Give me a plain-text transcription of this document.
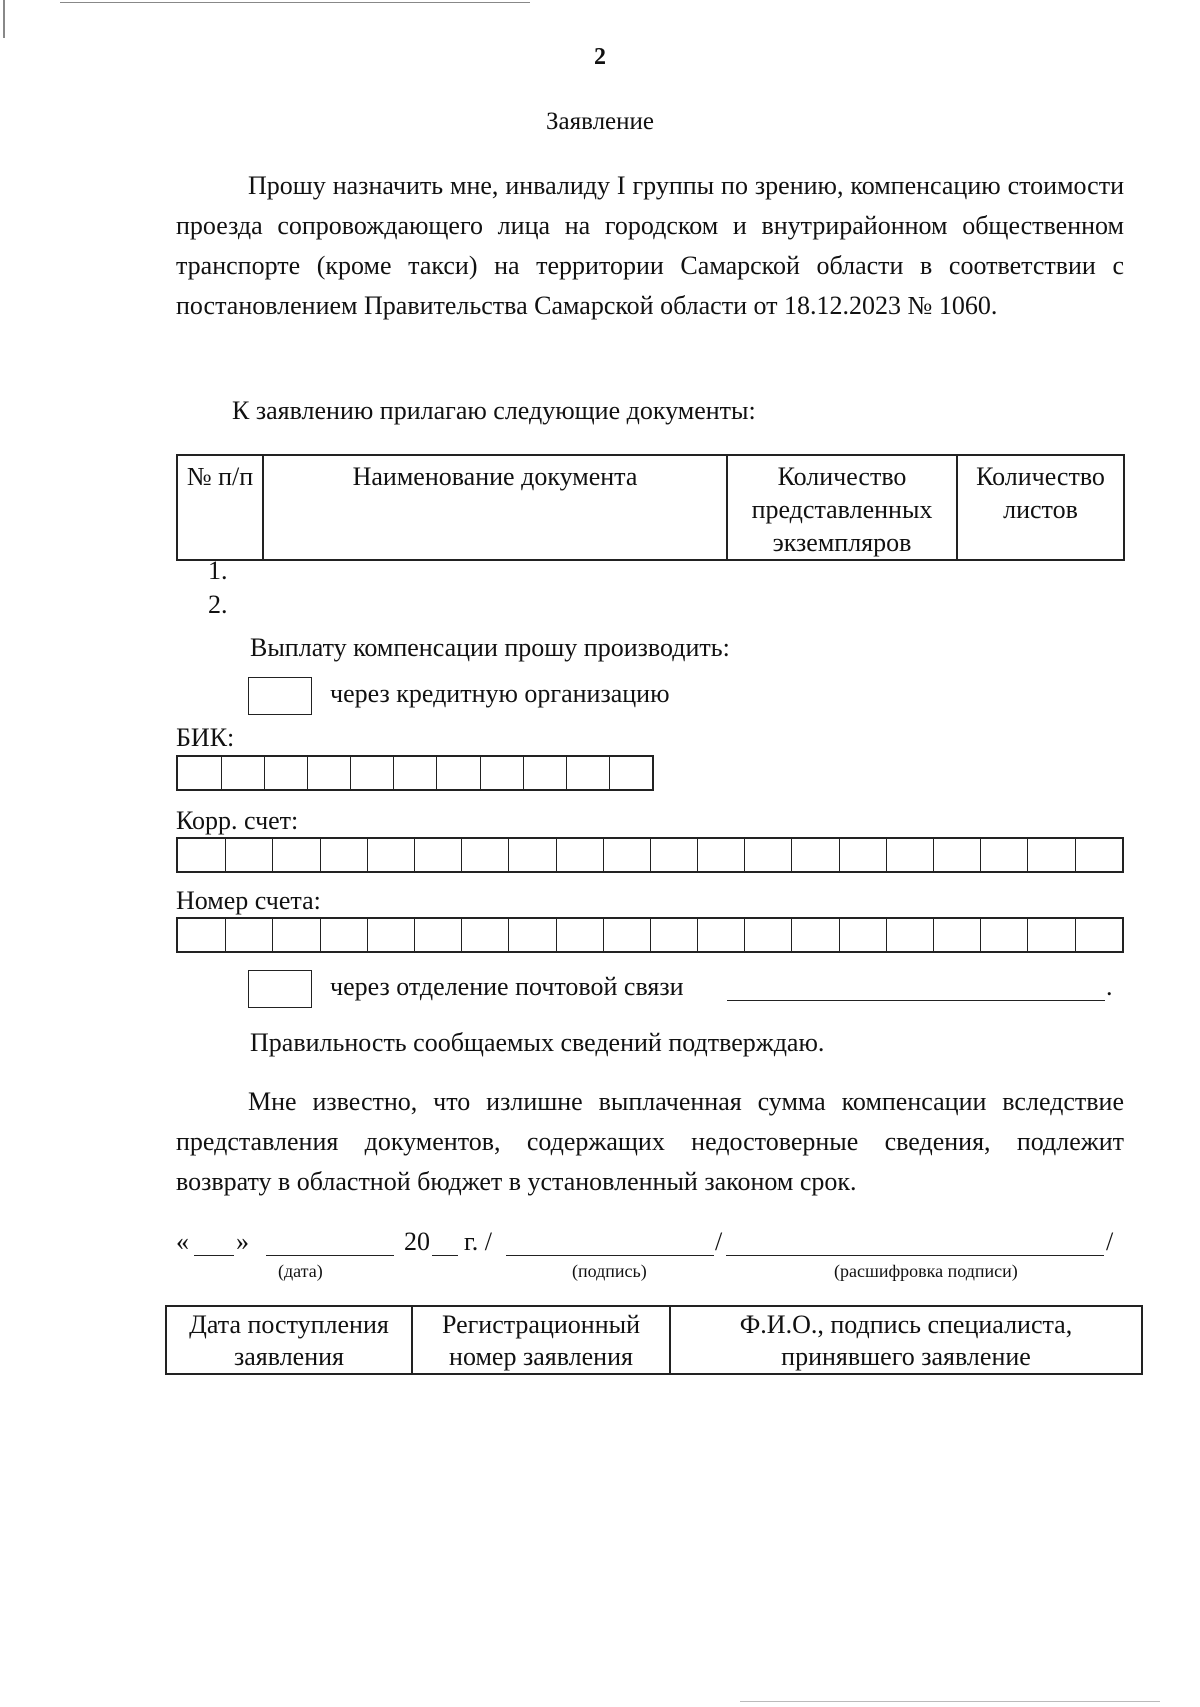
2
Заявление
Прошу назначить мне, инвалиду I группы по зрению, компенсацию стоимости проезда сопровождающего лица на городском и внутрирайонном общественном транспорте (кроме такси) на территории Самарской области в соответствии с постановлением Правительства Самарской области от 18.12.2023 № 1060.
К заявлению прилагаю следующие документы:
№ п/п	Наименование документа	Количество представленных экземпляров	Количество листов
1.
2.
Выплату компенсации прошу производить:
через кредитную организацию
БИК:
Корр. счет:
Номер счета:
через отделение почтовой связи	.
Правильность сообщаемых сведений подтверждаю.
Мне известно, что излишне выплаченная сумма компенсации вследствие представления документов, содержащих недостоверные сведения, подлежит возврату в областной бюджет в установленный законом срок.
« »	20 г. /	/	/
(дата)	(подпись)	(расшифровка подписи)
Дата поступления заявления	Регистрационный номер заявления	Ф.И.О., подпись специалиста, принявшего заявление
